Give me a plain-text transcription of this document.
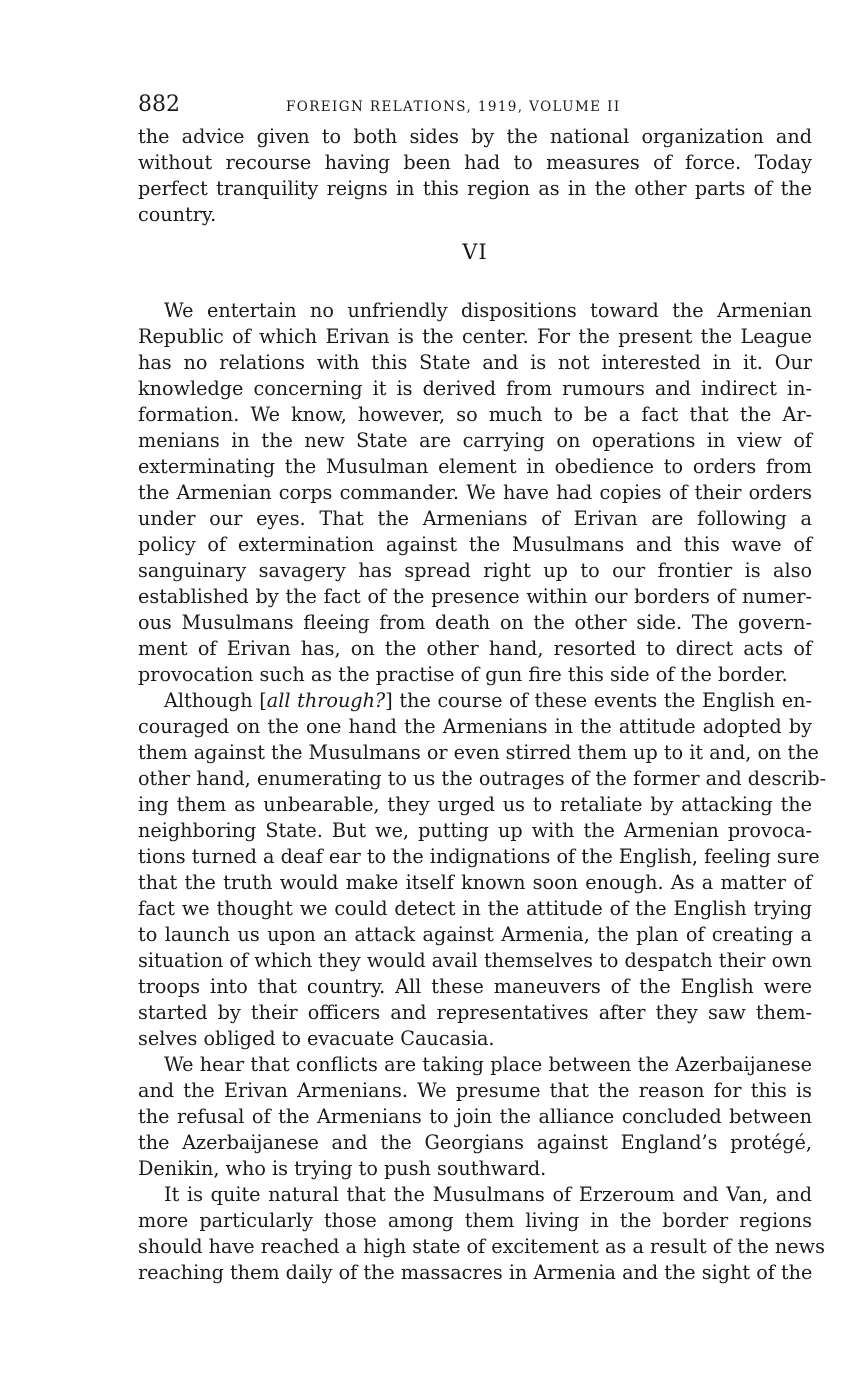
882	FOREIGN RELATIONS, 1919, VOLUME II

the advice given to both sides by the national organization and
without recourse having been had to measures of force. Today
perfect tranquility reigns in this region as in the other parts of the
country.

VI

We entertain no unfriendly dispositions toward the Armenian
Republic of which Erivan is the center. For the present the League
has no relations with this State and is not interested in it. Our
knowledge concerning it is derived from rumours and indirect in-
formation. We know, however, so much to be a fact that the Ar-
menians in the new State are carrying on operations in view of
exterminating the Musulman element in obedience to orders from
the Armenian corps commander. We have had copies of their orders
under our eyes. That the Armenians of Erivan are following a
policy of extermination against the Musulmans and this wave of
sanguinary savagery has spread right up to our frontier is also
established by the fact of the presence within our borders of numer-
ous Musulmans fleeing from death on the other side. The govern-
ment of Erivan has, on the other hand, resorted to direct acts of
provocation such as the practise of gun fire this side of the border.

Although [all through?] the course of these events the English en-
couraged on the one hand the Armenians in the attitude adopted by
them against the Musulmans or even stirred them up to it and, on the
other hand, enumerating to us the outrages of the former and describ-
ing them as unbearable, they urged us to retaliate by attacking the
neighboring State. But we, putting up with the Armenian provoca-
tions turned a deaf ear to the indignations of the English, feeling sure
that the truth would make itself known soon enough. As a matter of
fact we thought we could detect in the attitude of the English trying
to launch us upon an attack against Armenia, the plan of creating a
situation of which they would avail themselves to despatch their own
troops into that country. All these maneuvers of the English were
started by their officers and representatives after they saw them-
selves obliged to evacuate Caucasia.

We hear that conflicts are taking place between the Azerbaijanese
and the Erivan Armenians. We presume that the reason for this is
the refusal of the Armenians to join the alliance concluded between
the Azerbaijanese and the Georgians against England’s protégé,
Denikin, who is trying to push southward.

It is quite natural that the Musulmans of Erzeroum and Van, and
more particularly those among them living in the border regions
should have reached a high state of excitement as a result of the news
reaching them daily of the massacres in Armenia and the sight of the
